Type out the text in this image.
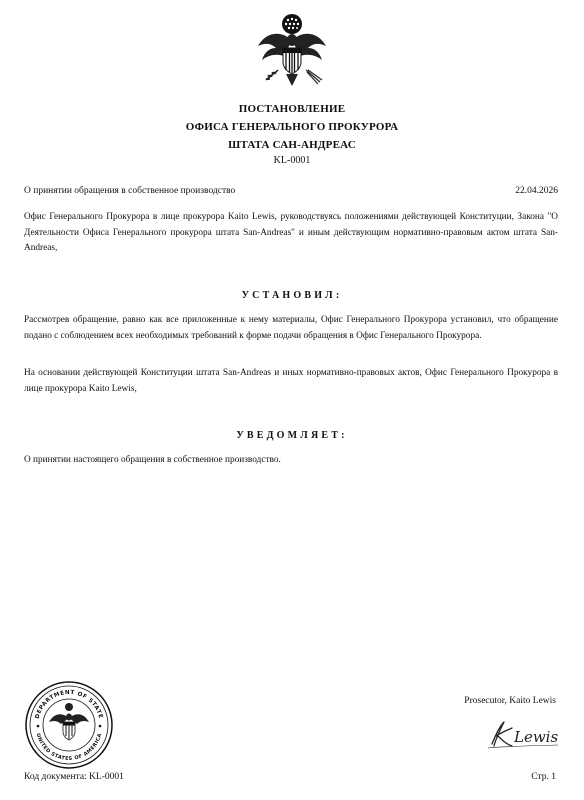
ПОСТАНОВЛЕНИЕ
ОФИСА ГЕНЕРАЛЬНОГО ПРОКУРОРА
ШТАТА САН-АНДРЕАС
KL-0001
О принятии обращения в собственное производство	22.04.2026
Офис Генерального Прокурора в лице прокурора Kaito Lewis, руководствуясь положениями действующей Конституции, Закона "О Деятельности Офиса Генерального прокурора штата San-Andreas" и иным действующим нормативно-правовым актом штата San-Andreas,
УСТАНОВИЛ:
Рассмотрев обращение, равно как все приложенные к нему материалы, Офис Генерального Прокурора установил, что обращение подано с соблюдением всех необходимых требований к форме подачи обращения в Офис Генерального Прокурора.
На основании действующей Конституции штата San-Andreas и иных нормативно-правовых актов, Офис Генерального Прокурора в лице прокурора Kaito Lewis,
УВЕДОМЛЯЕТ:
О принятии настоящего обращения в собственное производство.
DEPARTMENT OF STATE
UNITED STATES OF AMERICA
Prosecutor, Kaito Lewis
Lewis
Код документа: KL-0001	Стр. 1
